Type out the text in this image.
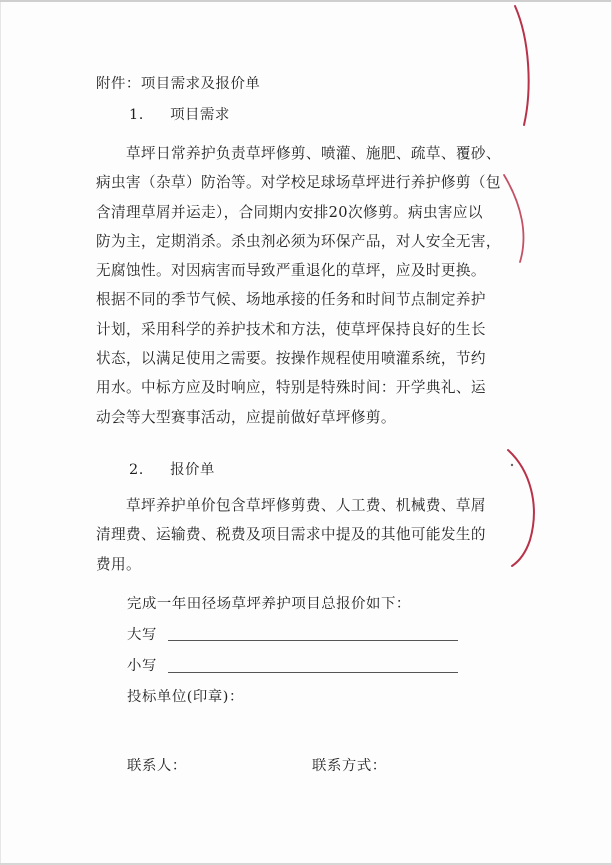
附件：项目需求及报价单
1. 项目需求
草坪日常养护负责草坪修剪、喷灌、施肥、疏草、覆砂、
病虫害（杂草）防治等。对学校足球场草坪进行养护修剪（包
含清理草屑并运走），合同期内安排20次修剪。病虫害应以
防为主，定期消杀。杀虫剂必须为环保产品，对人安全无害，
无腐蚀性。对因病害而导致严重退化的草坪，应及时更换。
根据不同的季节气候、场地承接的任务和时间节点制定养护
计划，采用科学的养护技术和方法，使草坪保持良好的生长
状态，以满足使用之需要。按操作规程使用喷灌系统，节约
用水。中标方应及时响应，特别是特殊时间：开学典礼、运
动会等大型赛事活动，应提前做好草坪修剪。
2. 报价单
草坪养护单价包含草坪修剪费、人工费、机械费、草屑
清理费、运输费、税费及项目需求中提及的其他可能发生的
费用。
完成一年田径场草坪养护项目总报价如下：
大写
小写
投标单位(印章)：
联系人：	联系方式：
